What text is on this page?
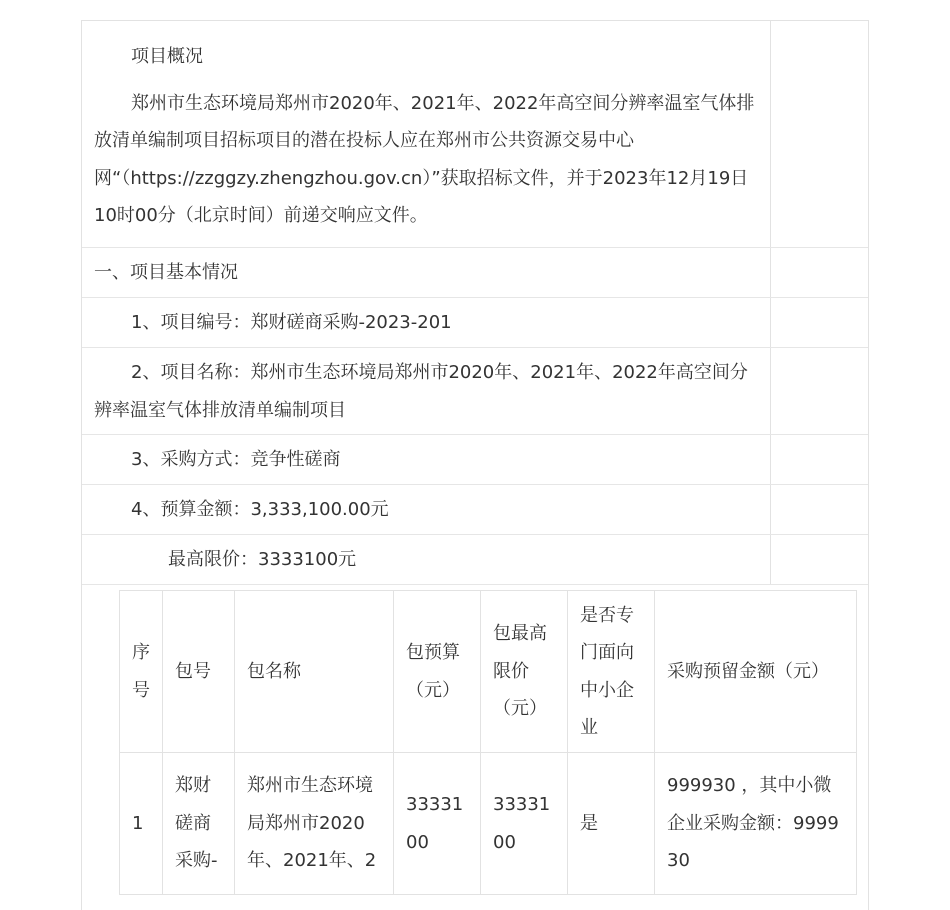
项目概况
郑州市生态环境局郑州市2020年、2021年、2022年高空间分辨率温室气体排放清单编制项目招标项目的潜在投标人应在郑州市公共资源交易中心网“（https://zzggzy.zhengzhou.gov.cn）”获取招标文件，并于2023年12月19日10时00分（北京时间）前递交响应文件。
一、项目基本情况
1、项目编号：郑财磋商采购-2023-201
2、项目名称：郑州市生态环境局郑州市2020年、2021年、2022年高空间分辨率温室气体排放清单编制项目
3、采购方式：竞争性磋商
4、预算金额：3,333,100.00元
最高限价：3333100元
序号	包号	包名称	包预算（元）	包最高限价（元）	是否专门面向中小企业	采购预留金额（元）
1	郑财磋商采购-	郑州市生态环境局郑州市2020年、2021年、2	3333100	3333100	是	999930 ，其中小微企业采购金额：999930
